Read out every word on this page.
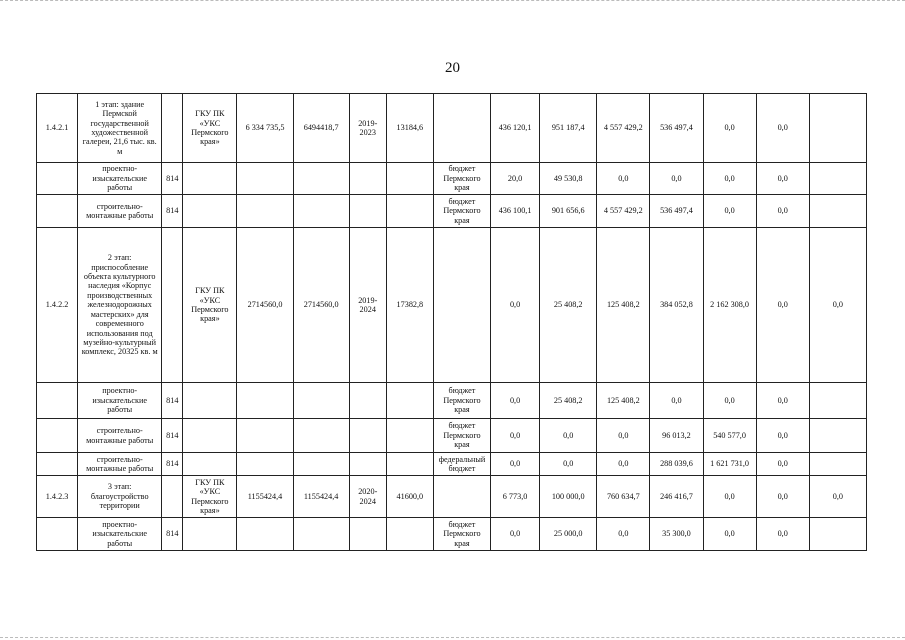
20
1.4.2.1	1 этап: здание Пермской государственной художественной галереи, 21,6 тыс. кв. м		ГКУ ПК «УКС Пермского края»	6 334 735,5	6494418,7	2019-2023	13184,6		436 120,1	951 187,4	4 557 429,2	536 497,4	0,0	0,0	
	проектно-изыскательские работы	814						бюджет Пермского края	20,0	49 530,8	0,0	0,0	0,0	0,0	
	строительно-монтажные работы	814						бюджет Пермского края	436 100,1	901 656,6	4 557 429,2	536 497,4	0,0	0,0	
1.4.2.2	2 этап: приспособление объекта культурного наследия «Корпус производственных железнодорожных мастерских» для современного использования под музейно-культурный комплекс, 20325 кв. м		ГКУ ПК «УКС Пермского края»	2714560,0	2714560,0	2019-2024	17382,8		0,0	25 408,2	125 408,2	384 052,8	2 162 308,0	0,0	0,0
	проектно-изыскательские работы	814						бюджет Пермского края	0,0	25 408,2	125 408,2	0,0	0,0	0,0	
	строительно-монтажные работы	814						бюджет Пермского края	0,0	0,0	0,0	96 013,2	540 577,0	0,0	
	строительно-монтажные работы	814						федеральный бюджет	0,0	0,0	0,0	288 039,6	1 621 731,0	0,0	
1.4.2.3	3 этап: благоустройство территории		ГКУ ПК «УКС Пермского края»	1155424,4	1155424,4	2020-2024	41600,0		6 773,0	100 000,0	760 634,7	246 416,7	0,0	0,0	0,0
	проектно-изыскательские работы	814						бюджет Пермского края	0,0	25 000,0	0,0	35 300,0	0,0	0,0	
